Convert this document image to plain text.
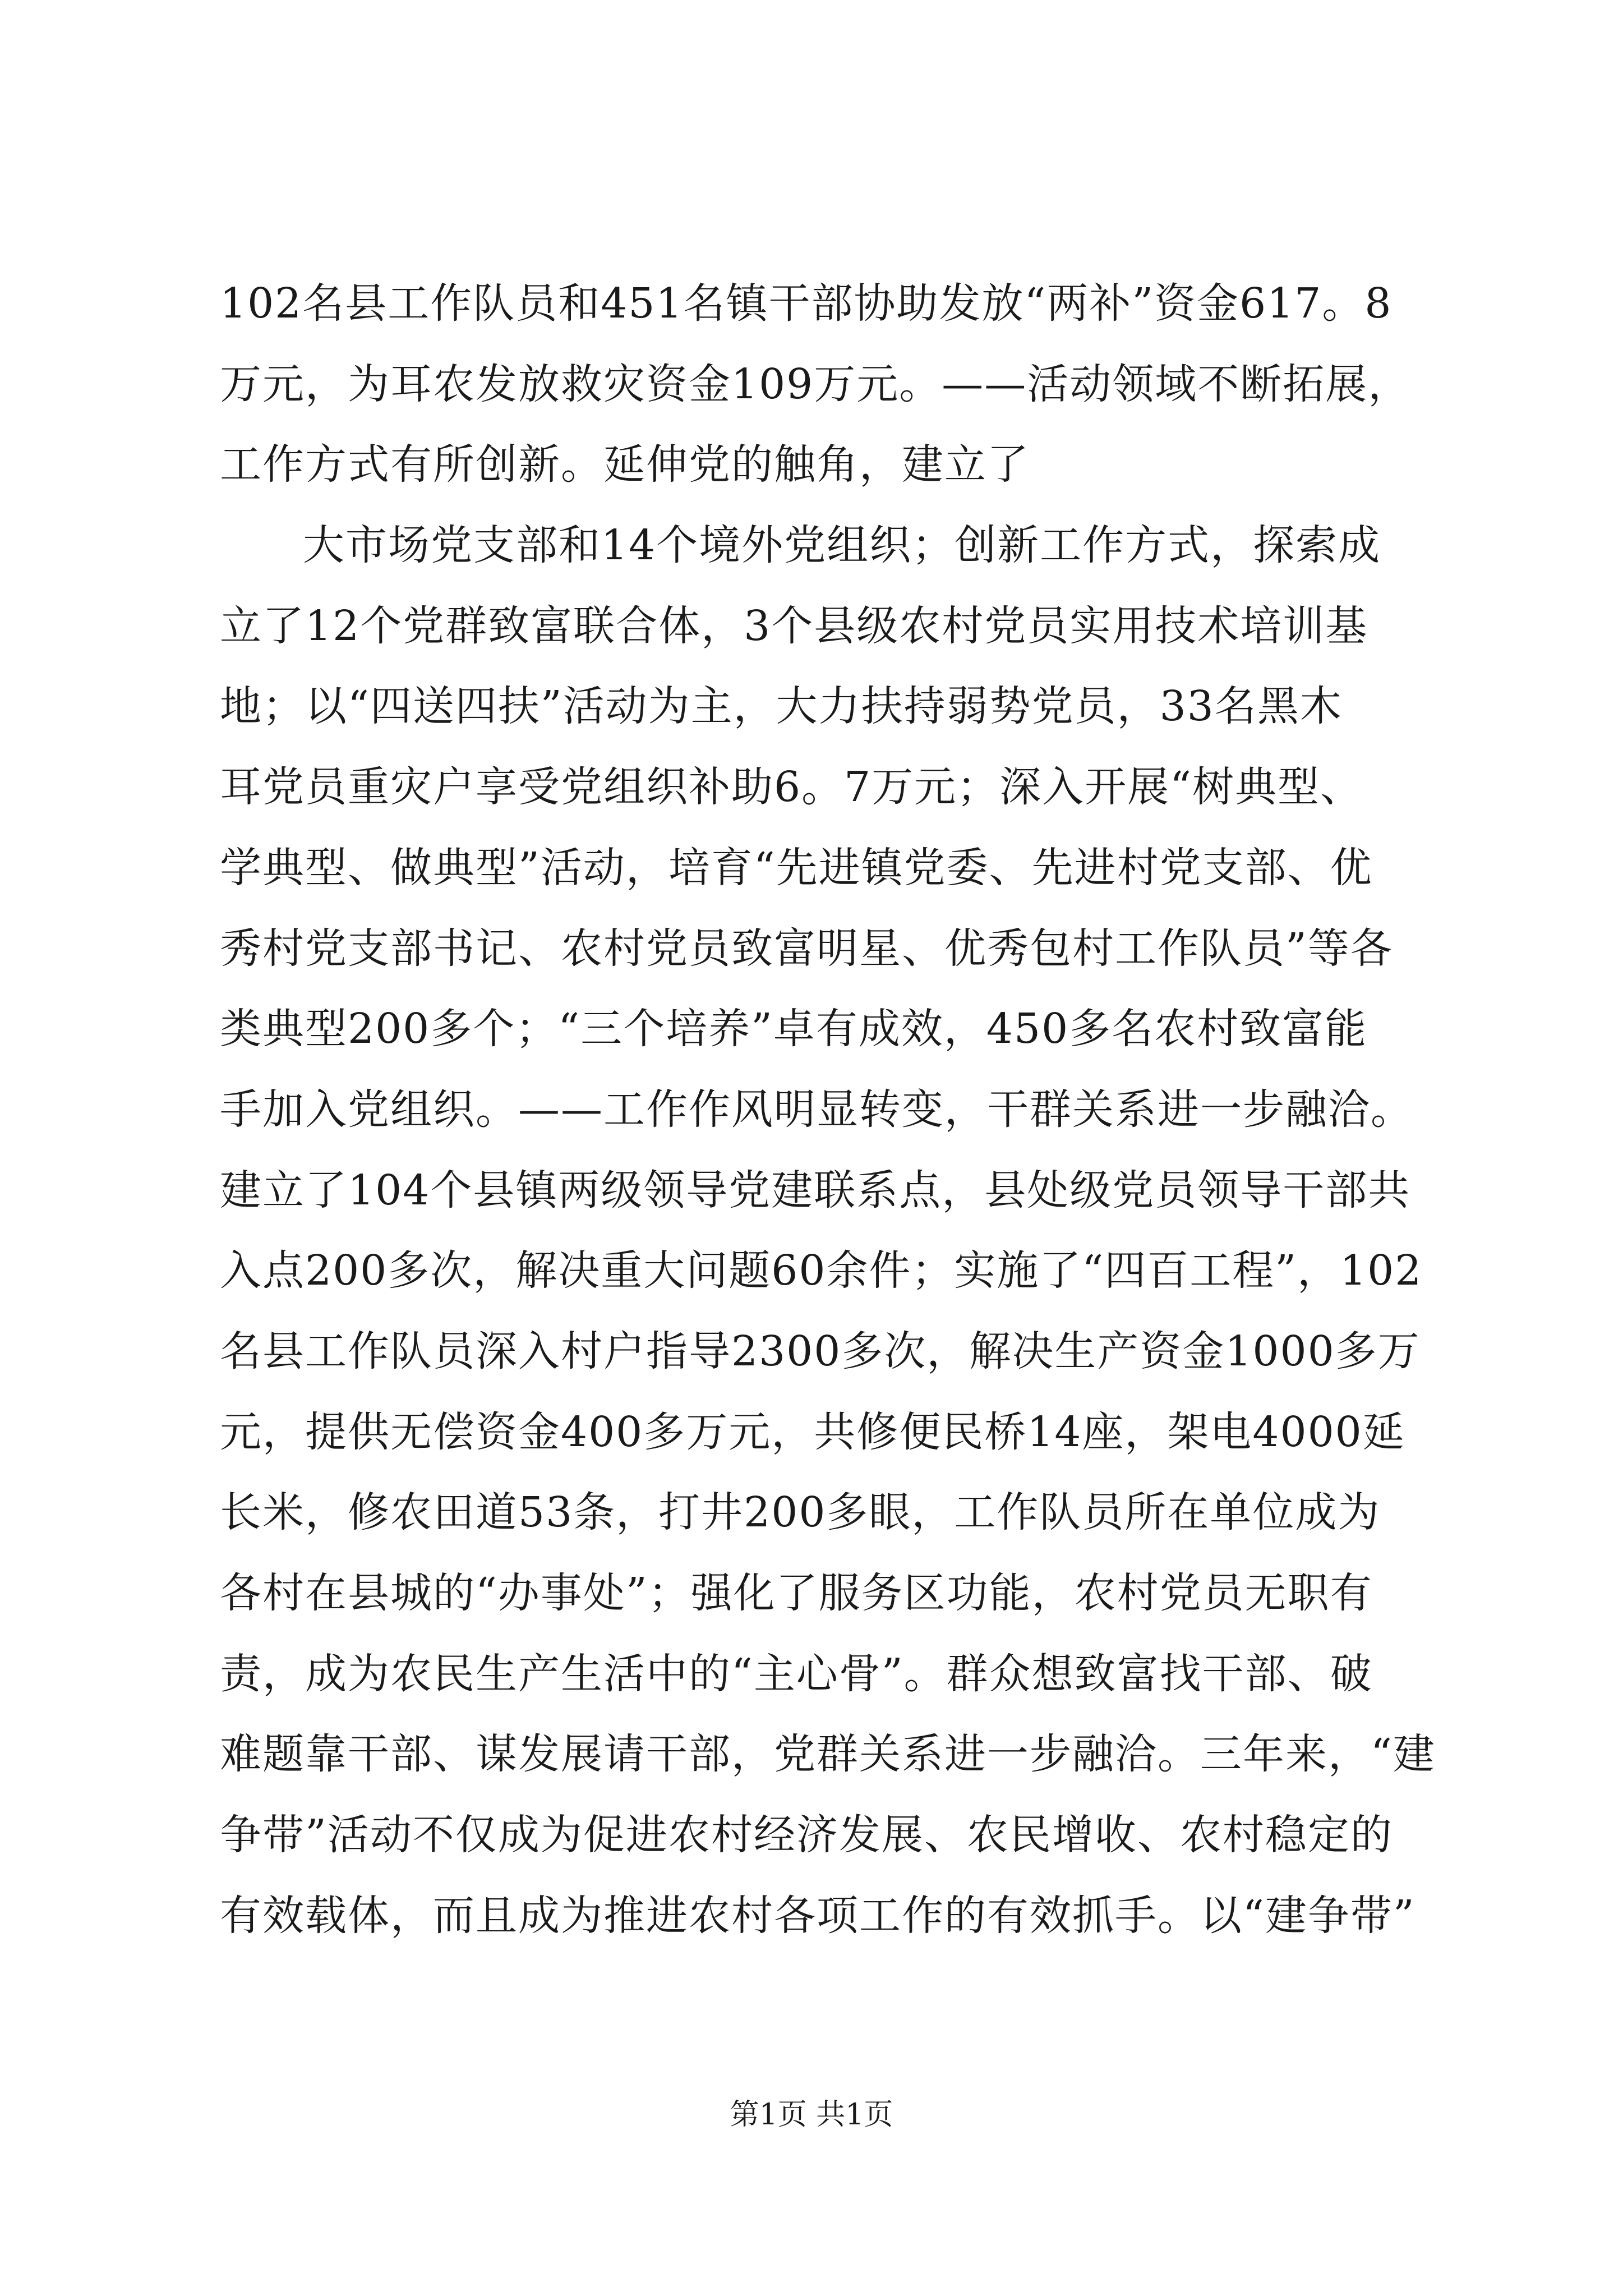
102名县工作队员和451名镇干部协助发放“两补”资金617。8
万元，为耳农发放救灾资金109万元。——活动领域不断拓展，
工作方式有所创新。延伸党的触角，建立了
大市场党支部和14个境外党组织；创新工作方式，探索成
立了12个党群致富联合体，3个县级农村党员实用技术培训基
地；以“四送四扶”活动为主，大力扶持弱势党员，33名黑木
耳党员重灾户享受党组织补助6。7万元；深入开展“树典型、
学典型、做典型”活动，培育“先进镇党委、先进村党支部、优
秀村党支部书记、农村党员致富明星、优秀包村工作队员”等各
类典型200多个；“三个培养”卓有成效，450多名农村致富能
手加入党组织。——工作作风明显转变，干群关系进一步融洽。
建立了104个县镇两级领导党建联系点，县处级党员领导干部共
入点200多次，解决重大问题60余件；实施了“四百工程”，102
名县工作队员深入村户指导2300多次，解决生产资金1000多万
元，提供无偿资金400多万元，共修便民桥14座，架电4000延
长米，修农田道53条，打井200多眼，工作队员所在单位成为
各村在县城的“办事处”；强化了服务区功能，农村党员无职有
责，成为农民生产生活中的“主心骨”。群众想致富找干部、破
难题靠干部、谋发展请干部，党群关系进一步融洽。三年来，“建
争带”活动不仅成为促进农村经济发展、农民增收、农村稳定的
有效载体，而且成为推进农村各项工作的有效抓手。以“建争带”
第1页 共1页
